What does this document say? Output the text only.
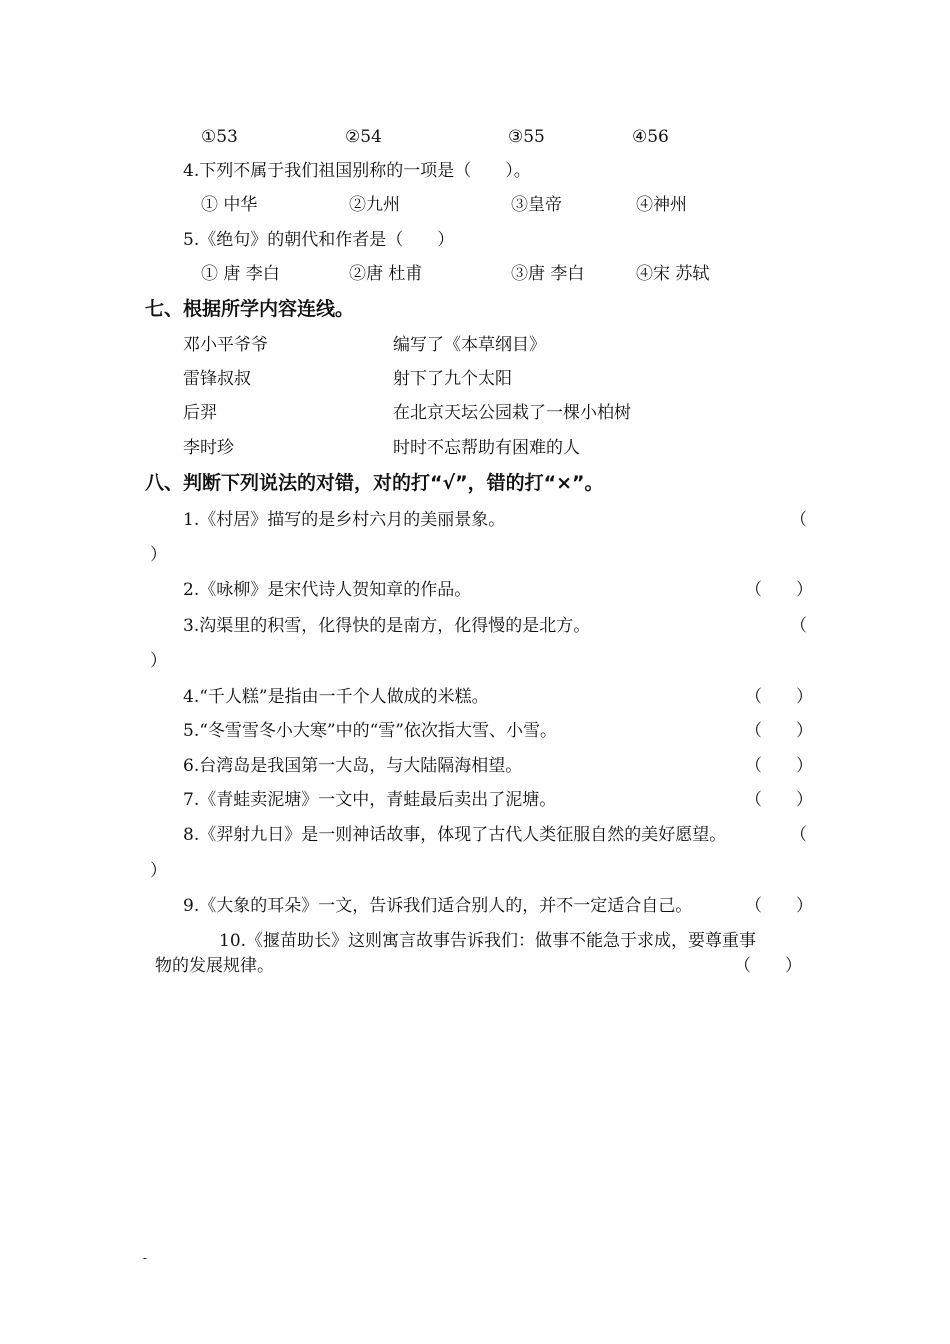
①53	②54	③55	④56
4.下列不属于我们祖国别称的一项是（　　）。
① 中华	②九州	③皇帝	④神州
5.《绝句》的朝代和作者是（　　）
① 唐 李白	②唐 杜甫	③唐 李白	④宋 苏轼
七、根据所学内容连线。
邓小平爷爷	编写了《本草纲目》
雷锋叔叔	射下了九个太阳
后羿	在北京天坛公园栽了一棵小柏树
李时珍	时时不忘帮助有困难的人
八、判断下列说法的对错，对的打“√”，错的打“×”。
1.《村居》描写的是乡村六月的美丽景象。	（
）
2.《咏柳》是宋代诗人贺知章的作品。	（　　）
3.沟渠里的积雪，化得快的是南方，化得慢的是北方。	（
）
4.“千人糕”是指由一千个人做成的米糕。	（　　）
5.“冬雪雪冬小大寒”中的“雪”依次指大雪、小雪。	（　　）
6.台湾岛是我国第一大岛，与大陆隔海相望。	（　　）
7.《青蛙卖泥塘》一文中，青蛙最后卖出了泥塘。	（　　）
8.《羿射九日》是一则神话故事，体现了古代人类征服自然的美好愿望。	（
）
9.《大象的耳朵》一文，告诉我们适合别人的，并不一定适合自己。	（　　）
10.《揠苗助长》这则寓言故事告诉我们：做事不能急于求成，要尊重事
物的发展规律。	（　　）
-
